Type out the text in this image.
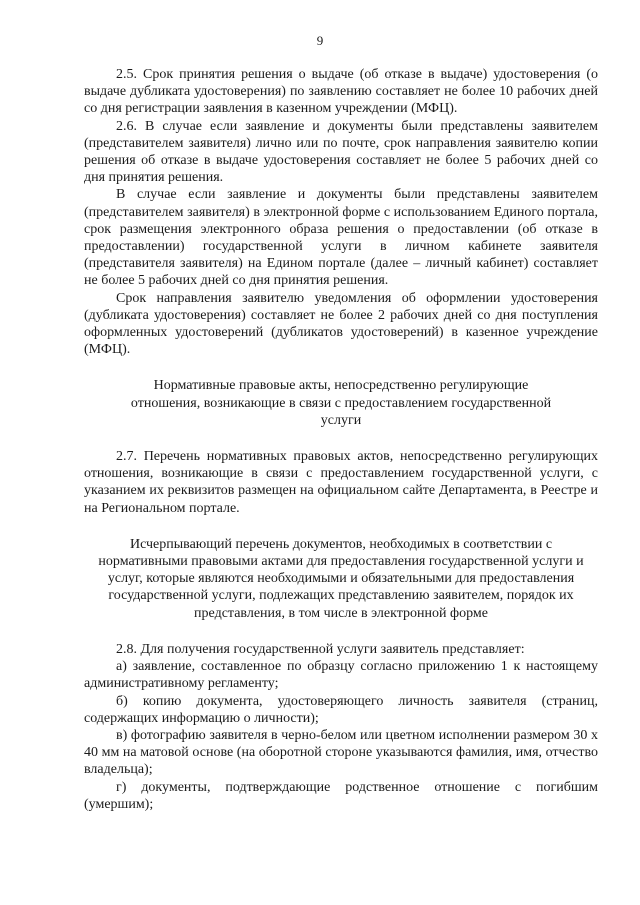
9

2.5. Срок принятия решения о выдаче (об отказе в выдаче) удостоверения (о выдаче дубликата удостоверения) по заявлению составляет не более 10 рабочих дней со дня регистрации заявления в казенном учреждении (МФЦ).

2.6. В случае если заявление и документы были представлены заявителем (представителем заявителя) лично или по почте, срок направления заявителю копии решения об отказе в выдаче удостоверения составляет не более 5 рабочих дней со дня принятия решения.

В случае если заявление и документы были представлены заявителем (представителем заявителя) в электронной форме с использованием Единого портала, срок размещения электронного образа решения о предоставлении (об отказе в предоставлении) государственной услуги в личном кабинете заявителя (представителя заявителя) на Едином портале (далее – личный кабинет) составляет не более 5 рабочих дней со дня принятия решения.

Срок направления заявителю уведомления об оформлении удостоверения (дубликата удостоверения) составляет не более 2 рабочих дней со дня поступления оформленных удостоверений (дубликатов удостоверений) в казенное учреждение (МФЦ).

Нормативные правовые акты, непосредственно регулирующие отношения, возникающие в связи с предоставлением государственной услуги

2.7. Перечень нормативных правовых актов, непосредственно регулирующих отношения, возникающие в связи с предоставлением государственной услуги, с указанием их реквизитов размещен на официальном сайте Департамента, в Реестре и на Региональном портале.

Исчерпывающий перечень документов, необходимых в соответствии с нормативными правовыми актами для предоставления государственной услуги и услуг, которые являются необходимыми и обязательными для предоставления государственной услуги, подлежащих представлению заявителем, порядок их представления, в том числе в электронной форме

2.8. Для получения государственной услуги заявитель представляет:

а) заявление, составленное по образцу согласно приложению 1 к настоящему административному регламенту;

б) копию документа, удостоверяющего личность заявителя (страниц, содержащих информацию о личности);

в) фотографию заявителя в черно-белом или цветном исполнении размером 30 x 40 мм на матовой основе (на оборотной стороне указываются фамилия, имя, отчество владельца);

г) документы, подтверждающие родственное отношение с погибшим (умершим);
